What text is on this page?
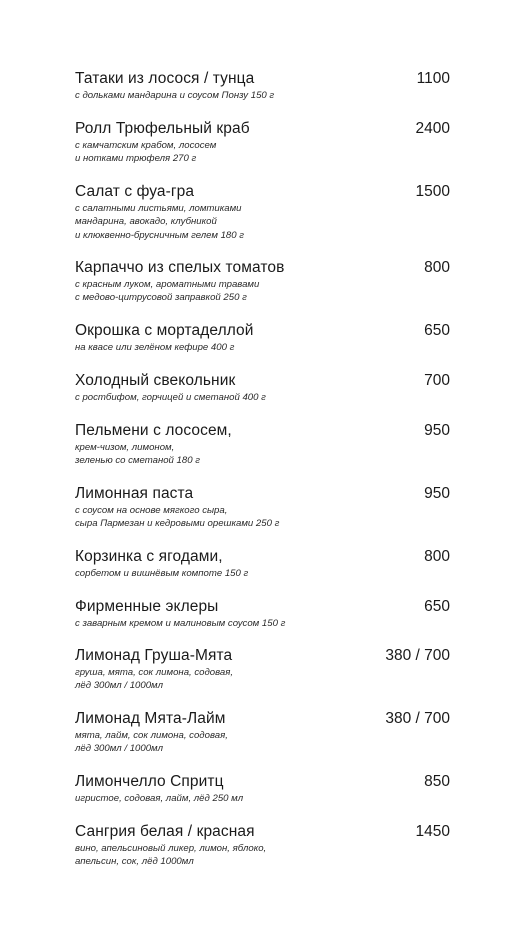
Татаки из лосося / тунца	1100
с дольками мандарина и соусом Понзу 150 г
Ролл Трюфельный краб	2400
с камчатским крабом, лососем
и нотками трюфеля 270 г
Салат с фуа-гра	1500
с салатными листьями, ломтиками
мандарина, авокадо, клубникой
и клюквенно-брусничным гелем 180 г
Карпаччо из спелых томатов	800
с красным луком, ароматными травами
с медово-цитрусовой заправкой 250 г
Окрошка с мортаделлой	650
на квасе или зелёном кефире 400 г
Холодный свекольник	700
с ростбифом, горчицей и сметаной 400 г
Пельмени с лососем,	950
крем-чизом, лимоном,
зеленью со сметаной 180 г
Лимонная паста	950
с соусом на основе мягкого сыра,
сыра Пармезан и кедровыми орешками 250 г
Корзинка с ягодами,	800
сорбетом и вишнёвым компоте 150 г
Фирменные эклеры	650
с заварным кремом и малиновым соусом 150 г
Лимонад Груша-Мята	380 / 700
груша, мята, сок лимона, содовая,
лёд 300мл / 1000мл
Лимонад Мята-Лайм	380 / 700
мята, лайм, сок лимона, содовая,
лёд 300мл / 1000мл
Лимончелло Спритц	850
игристое, содовая, лайм, лёд 250 мл
Сангрия белая / красная	1450
вино, апельсиновый ликер, лимон, яблоко,
апельсин, сок, лёд 1000мл
